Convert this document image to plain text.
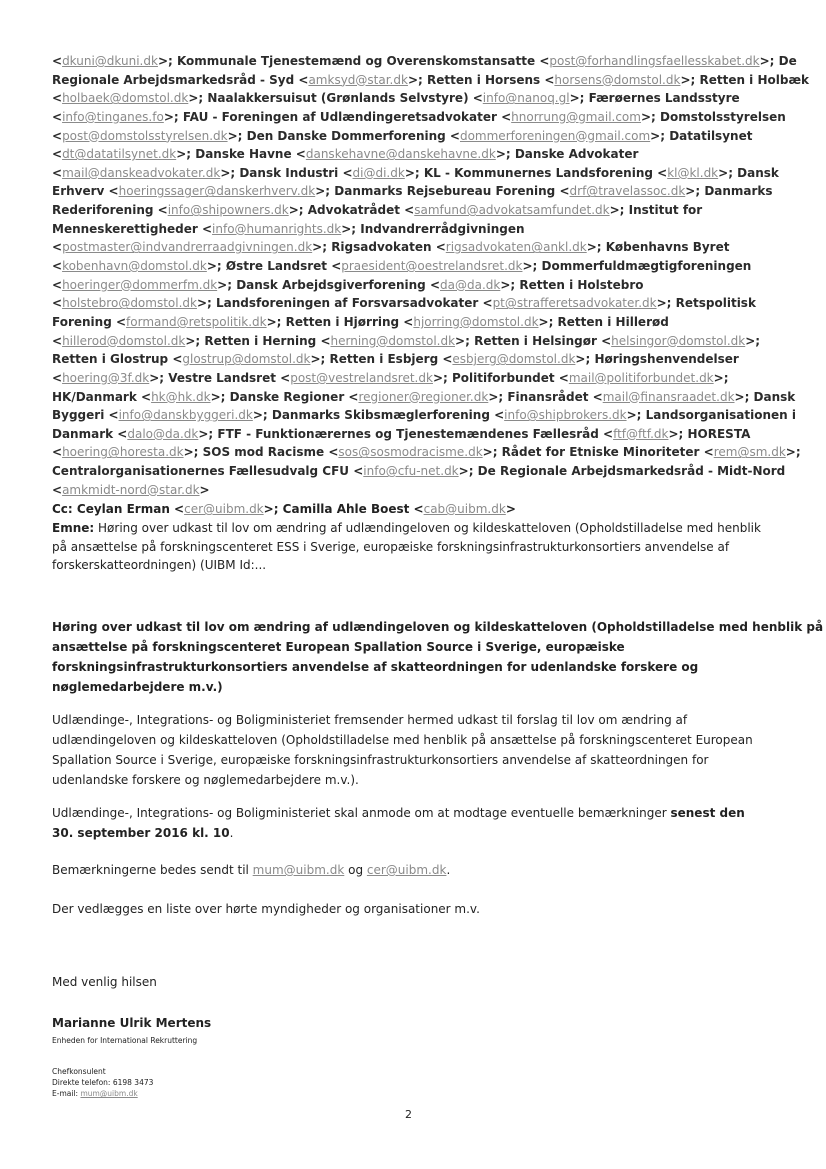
<dkuni@dkuni.dk>; Kommunale Tjenestemænd og Overenskomstansatte <post@forhandlingsfaellesskabet.dk>; De
Regionale Arbejdsmarkedsråd - Syd <amksyd@star.dk>; Retten i Horsens <horsens@domstol.dk>; Retten i Holbæk
<holbaek@domstol.dk>; Naalakkersuisut (Grønlands Selvstyre) <info@nanoq.gl>; Færøernes Landsstyre
<info@tinganes.fo>; FAU - Foreningen af Udlændingeretsadvokater <hnorrung@gmail.com>; Domstolsstyrelsen
<post@domstolsstyrelsen.dk>; Den Danske Dommerforening <dommerforeningen@gmail.com>; Datatilsynet
<dt@datatilsynet.dk>; Danske Havne <danskehavne@danskehavne.dk>; Danske Advokater
<mail@danskeadvokater.dk>; Dansk Industri <di@di.dk>; KL - Kommunernes Landsforening <kl@kl.dk>; Dansk
Erhverv <hoeringssager@danskerhverv.dk>; Danmarks Rejsebureau Forening <drf@travelassoc.dk>; Danmarks
Rederiforening <info@shipowners.dk>; Advokatrådet <samfund@advokatsamfundet.dk>; Institut for
Menneskerettigheder <info@humanrights.dk>; Indvandrerrådgivningen
<postmaster@indvandrerraadgivningen.dk>; Rigsadvokaten <rigsadvokaten@ankl.dk>; Københavns Byret
<kobenhavn@domstol.dk>; Østre Landsret <praesident@oestrelandsret.dk>; Dommerfuldmægtigforeningen
<hoeringer@dommerfm.dk>; Dansk Arbejdsgiverforening <da@da.dk>; Retten i Holstebro
<holstebro@domstol.dk>; Landsforeningen af Forsvarsadvokater <pt@strafferetsadvokater.dk>; Retspolitisk
Forening <formand@retspolitik.dk>; Retten i Hjørring <hjorring@domstol.dk>; Retten i Hillerød
<hillerod@domstol.dk>; Retten i Herning <herning@domstol.dk>; Retten i Helsingør <helsingor@domstol.dk>;
Retten i Glostrup <glostrup@domstol.dk>; Retten i Esbjerg <esbjerg@domstol.dk>; Høringshenvendelser
<hoering@3f.dk>; Vestre Landsret <post@vestrelandsret.dk>; Politiforbundet <mail@politiforbundet.dk>;
HK/Danmark <hk@hk.dk>; Danske Regioner <regioner@regioner.dk>; Finansrådet <mail@finansraadet.dk>; Dansk
Byggeri <info@danskbyggeri.dk>; Danmarks Skibsmæglerforening <info@shipbrokers.dk>; Landsorganisationen i
Danmark <dalo@da.dk>; FTF - Funktionærernes og Tjenestemændenes Fællesråd <ftf@ftf.dk>; HORESTA
<hoering@horesta.dk>; SOS mod Racisme <sos@sosmodracisme.dk>; Rådet for Etniske Minoriteter <rem@sm.dk>;
Centralorganisationernes Fællesudvalg CFU <info@cfu-net.dk>; De Regionale Arbejdsmarkedsråd - Midt-Nord
<amkmidt-nord@star.dk>
Cc: Ceylan Erman <cer@uibm.dk>; Camilla Ahle Boest <cab@uibm.dk>
Emne: Høring over udkast til lov om ændring af udlændingeloven og kildeskatteloven (Opholdstilladelse med henblik
på ansættelse på forskningscenteret ESS i Sverige, europæiske forskningsinfrastrukturkonsortiers anvendelse af
forskerskatteordningen) (UIBM Id:...
Høring over udkast til lov om ændring af udlændingeloven og kildeskatteloven (Opholdstilladelse med henblik på
ansættelse på forskningscenteret European Spallation Source i Sverige, europæiske
forskningsinfrastrukturkonsortiers anvendelse af skatteordningen for udenlandske forskere og
nøglemedarbejdere m.v.)
Udlændinge-, Integrations- og Boligministeriet fremsender hermed udkast til forslag til lov om ændring af
udlændingeloven og kildeskatteloven (Opholdstilladelse med henblik på ansættelse på forskningscenteret European
Spallation Source i Sverige, europæiske forskningsinfrastrukturkonsortiers anvendelse af skatteordningen for
udenlandske forskere og nøglemedarbejdere m.v.).
Udlændinge-, Integrations- og Boligministeriet skal anmode om at modtage eventuelle bemærkninger senest den
30. september 2016 kl. 10.
Bemærkningerne bedes sendt til mum@uibm.dk og cer@uibm.dk.
Der vedlægges en liste over hørte myndigheder og organisationer m.v.
Med venlig hilsen
Marianne Ulrik Mertens
Enheden for International Rekruttering
Chefkonsulent
Direkte telefon: 6198 3473
E-mail: mum@uibm.dk
2
